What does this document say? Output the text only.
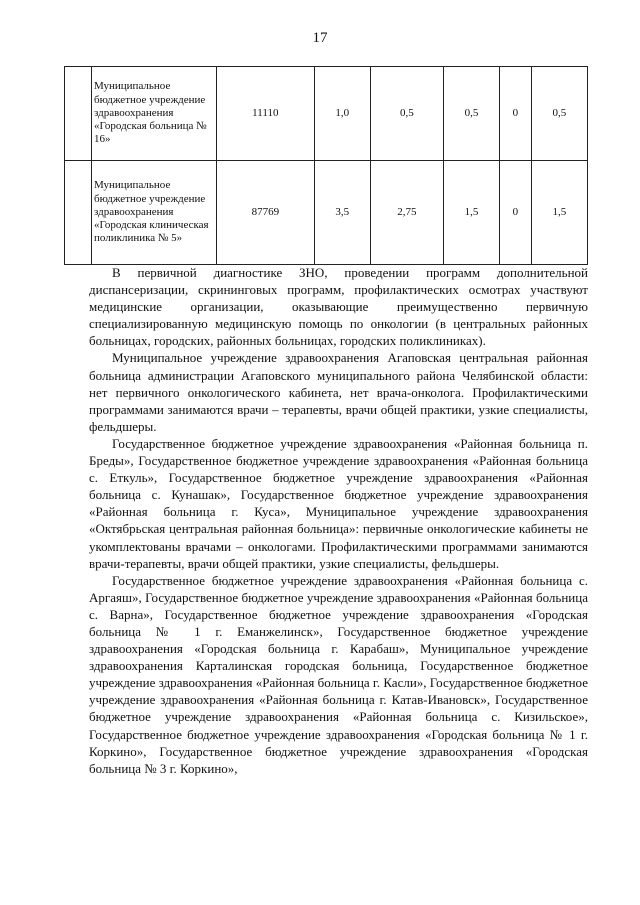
17
	Муниципальное бюджетное учреждение здравоохранения «Городская больница № 16»	11110	1,0	0,5	0,5	0	0,5
	Муниципальное бюджетное учреждение здравоохранения «Городская клиническая поликлиника № 5»	87769	3,5	2,75	1,5	0	1,5

В первичной диагностике ЗНО, проведении программ дополнительной диспансеризации, скрининговых программ, профилактических осмотрах участвуют медицинские организации, оказывающие преимущественно первичную специализированную медицинскую помощь по онкологии (в центральных районных больницах, городских, районных больницах, городских поликлиниках).

Муниципальное учреждение здравоохранения Агаповская центральная районная больница администрации Агаповского муниципального района Челябинской области: нет первичного онкологического кабинета, нет врача-онколога. Профилактическими программами занимаются врачи – терапевты, врачи общей практики, узкие специалисты, фельдшеры.

Государственное бюджетное учреждение здравоохранения «Районная больница п. Бреды», Государственное бюджетное учреждение здравоохранения «Районная больница с. Еткуль», Государственное бюджетное учреждение здравоохранения «Районная больница с. Кунашак», Государственное бюджетное учреждение здравоохранения «Районная больница г. Куса», Муниципальное учреждение здравоохранения «Октябрьская центральная районная больница»: первичные онкологические кабинеты не укомплектованы врачами – онкологами. Профилактическими программами занимаются врачи-терапевты, врачи общей практики, узкие специалисты, фельдшеры.

Государственное бюджетное учреждение здравоохранения «Районная больница с. Аргаяш», Государственное бюджетное учреждение здравоохранения «Районная больница с. Варна», Государственное бюджетное учреждение здравоохранения «Городская больница № 1 г. Еманжелинск», Государственное бюджетное учреждение здравоохранения «Городская больница г. Карабаш», Муниципальное учреждение здравоохранения Карталинская городская больница, Государственное бюджетное учреждение здравоохранения «Районная больница г. Касли», Государственное бюджетное учреждение здравоохранения «Районная больница г. Катав-Ивановск», Государственное бюджетное учреждение здравоохранения «Районная больница с. Кизильское», Государственное бюджетное учреждение здравоохранения «Городская больница № 1 г. Коркино», Государственное бюджетное учреждение здравоохранения «Городская больница № 3 г. Коркино»,
